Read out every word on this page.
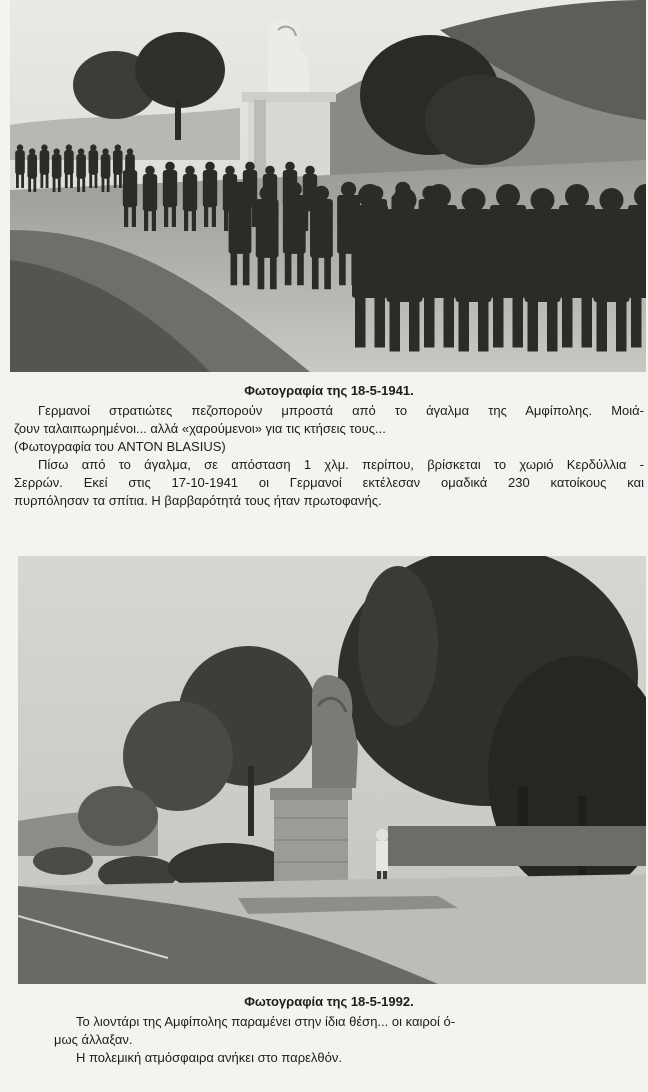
Φωτογραφία της 18-5-1941.
Γερμανοί στρατιώτες πεζοπορούν μπροστά από το άγαλμα της Αμφίπολης. Μοιά-
ζουν ταλαιπωρημένοι... αλλά «χαρούμενοι» για τις κτήσεις τους...
(Φωτογραφία του ANTON BLASIUS)
Πίσω από το άγαλμα, σε απόσταση 1 χλμ. περίπου, βρίσκεται το χωριό Κερδύλλια -
Σερρών. Εκεί στις 17-10-1941 οι Γερμανοί εκτέλεσαν ομαδικά 230 κατοίκους και
πυρπόλησαν τα σπίτια. Η βαρβαρότητά τους ήταν πρωτοφανής.
Φωτογραφία της 18-5-1992.
Το λιοντάρι της Αμφίπολης παραμένει στην ίδια θέση... οι καιροί ό-
μως άλλαξαν.
Η πολεμική ατμόσφαιρα ανήκει στο παρελθόν.
